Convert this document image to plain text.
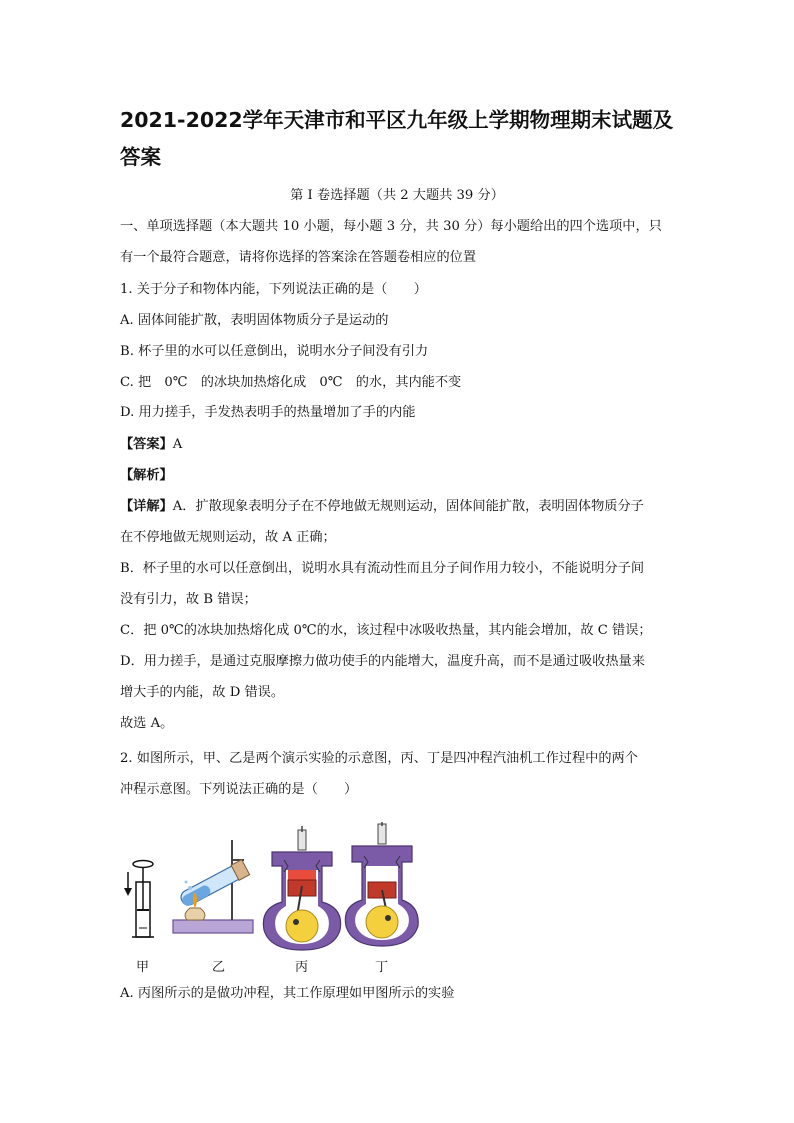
2021-2022学年天津市和平区九年级上学期物理期末试题及答案
第 Ⅰ 卷选择题（共 2 大题共 39 分）
一、单项选择题（本大题共 10 小题，每小题 3 分，共 30 分）每小题给出的四个选项中，只
有一个最符合题意，请将你选择的答案涂在答题卷相应的位置
1. 关于分子和物体内能，下列说法正确的是（　　）
A. 固体间能扩散，表明固体物质分子是运动的
B. 杯子里的水可以任意倒出，说明水分子间没有引力
C. 把　0℃　的冰块加热熔化成　0℃　的水，其内能不变
D. 用力搓手，手发热表明手的热量增加了手的内能
【答案】A
【解析】
【详解】A．扩散现象表明分子在不停地做无规则运动，固体间能扩散，表明固体物质分子
在不停地做无规则运动，故 A 正确；
B．杯子里的水可以任意倒出，说明水具有流动性而且分子间作用力较小，不能说明分子间
没有引力，故 B 错误；
C．把 0℃的冰块加热熔化成 0℃的水，该过程中冰吸收热量，其内能会增加，故 C 错误；
D．用力搓手，是通过克服摩擦力做功使手的内能增大，温度升高，而不是通过吸收热量来
增大手的内能，故 D 错误。
故选 A。
2. 如图所示，甲、乙是两个演示实验的示意图，丙、丁是四冲程汽油机工作过程中的两个
冲程示意图。下列说法正确的是（　　）
甲	乙	丙	丁
A. 丙图所示的是做功冲程，其工作原理如甲图所示的实验
